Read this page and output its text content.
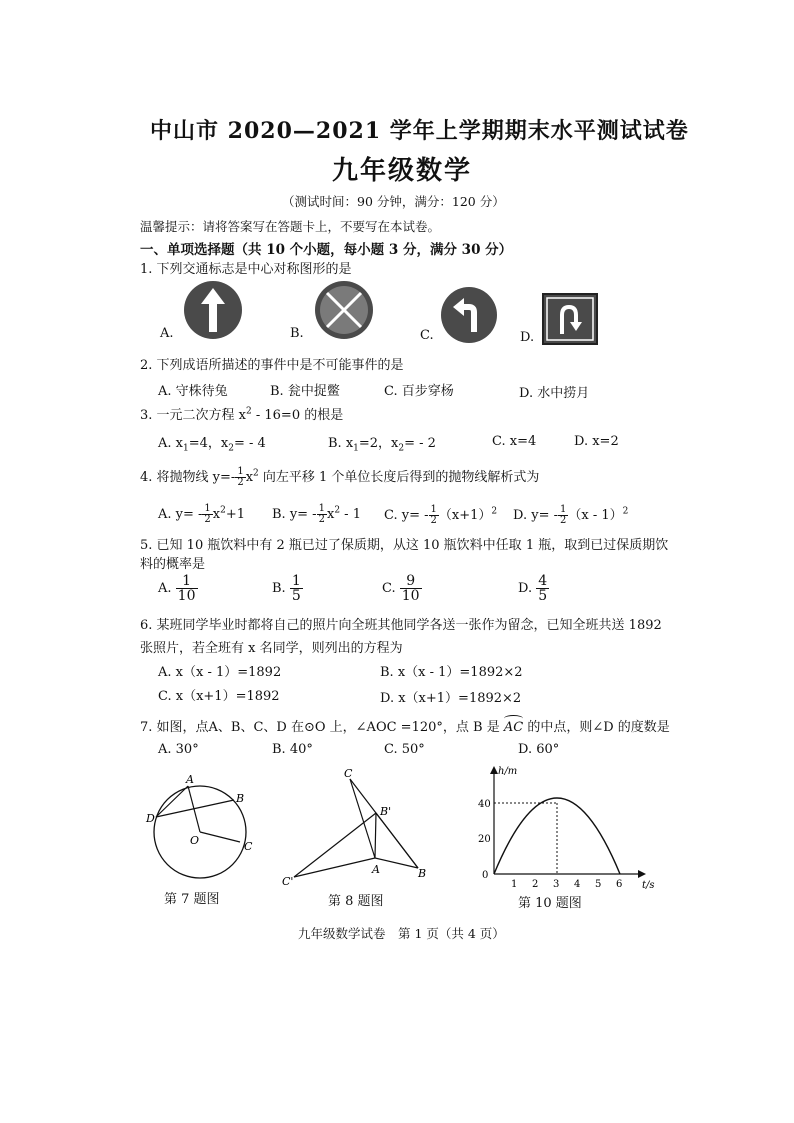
中山市 2020—2021 学年上学期期末水平测试试卷
九年级数学
（测试时间：90 分钟，满分：120 分）
温馨提示：请将答案写在答题卡上，不要写在本试卷。
一、单项选择题（共 10 个小题，每小题 3 分，满分 30 分）
1. 下列交通标志是中心对称图形的是
A.	B.	C.	D.
2. 下列成语所描述的事件中是不可能事件的是
A. 守株待兔	B. 瓮中捉鳖	C. 百步穿杨	D. 水中捞月
3. 一元二次方程 $x^2 - 16=0$ 的根是
A. $x_1=4$，$x_2= - 4$	B. $x_1=2$，$x_2= - 2$	C. x=4	D. x=2
4. 将抛物线 $y=- \frac{1}{2} x^2$ 向左平移 1 个单位长度后得到的抛物线解析式为
A. $y= - \frac{1}{2} x^2+1$ B. $y= - \frac{1}{2} x^2 - 1$ C. $y= - \frac{1}{2} (x+1)^2$ D. $y= - \frac{1}{2} (x - 1)^2$
5. 已知 10 瓶饮料中有 2 瓶已过了保质期，从这 10 瓶饮料中任取 1 瓶，取到已过保质期饮
料的概率是
A. $\frac{1}{10}$	B. $\frac{1}{5}$	C. $\frac{9}{10}$	D. $\frac{4}{5}$
6. 某班同学毕业时都将自己的照片向全班其他同学各送一张作为留念，已知全班共送 1892
张照片，若全班有 x 名同学，则列出的方程为
A. x（x - 1）=1892	B. x（x - 1）=1892×2
C. x（x+1）=1892	D. x（x+1）=1892×2
7. 如图，点A、B、C、D 在⊙O 上，∠AOC =120°，点 B 是 AC 的中点，则∠D 的度数是
A. 30°	B. 40°	C. 50°	D. 60°
A
B
D
O	C
第 7 题图
C
B'
A	B
C'
第 8 题图
h/m
t/s
40
20
0
1 2 3 4 5 6
第 10 题图
九年级数学试卷　第 1 页（共 4 页）
